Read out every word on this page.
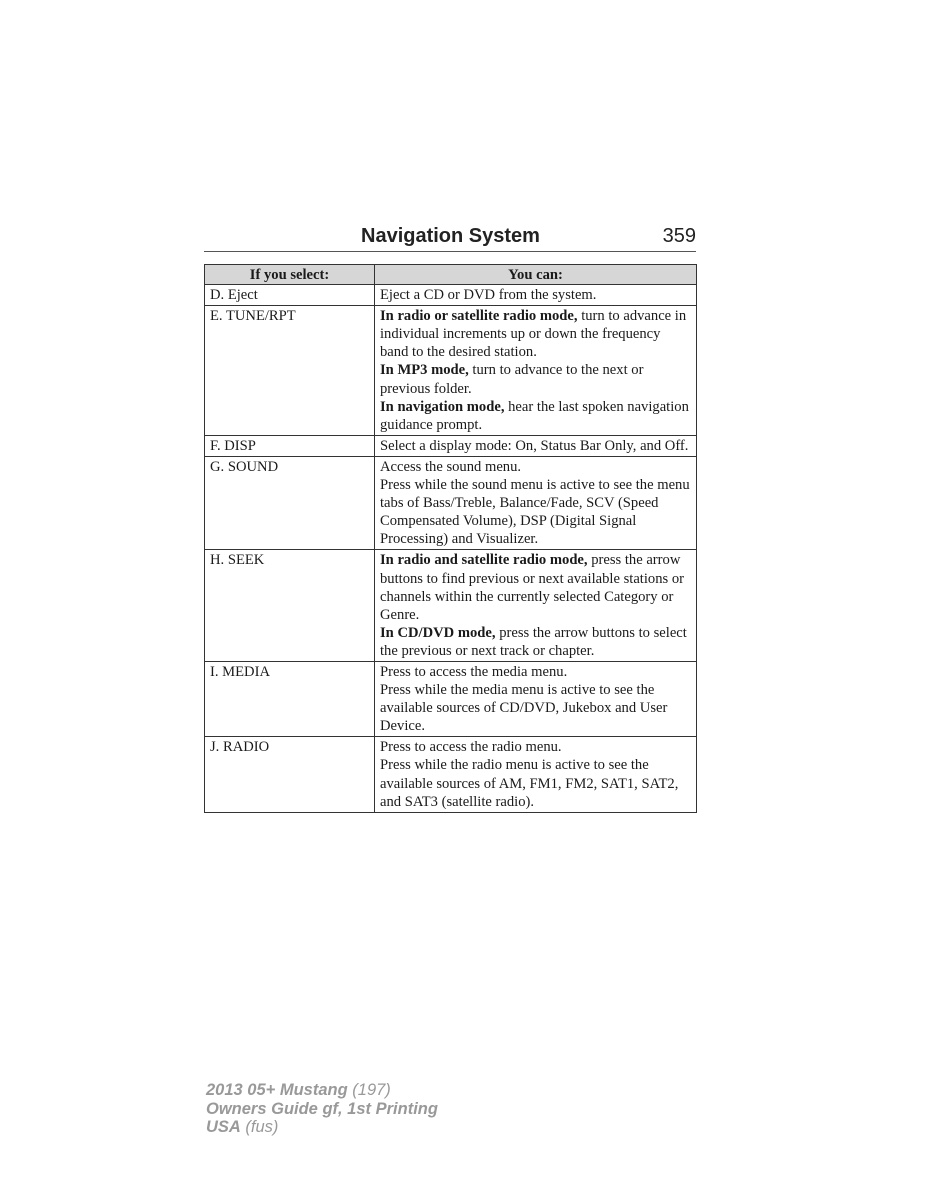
Navigation System	359
If you select:	You can:
D. Eject	Eject a CD or DVD from the system.

E. TUNE/RPT	In radio or satellite radio mode, turn to advance in individual increments up or down the frequency band to the desired station.
In MP3 mode, turn to advance to the next or previous folder.
In navigation mode, hear the last spoken navigation guidance prompt.

F. DISP	Select a display mode: On, Status Bar Only, and Off.

G. SOUND	Access the sound menu.
Press while the sound menu is active to see the menu tabs of Bass/Treble, Balance/Fade, SCV (Speed Compensated Volume), DSP (Digital Signal Processing) and Visualizer.

H. SEEK	In radio and satellite radio mode, press the arrow buttons to find previous or next available stations or channels within the currently selected Category or Genre.
In CD/DVD mode, press the arrow buttons to select the previous or next track or chapter.

I. MEDIA	Press to access the media menu.
Press while the media menu is active to see the available sources of CD/DVD, Jukebox and User Device.

J. RADIO	Press to access the radio menu.
Press while the radio menu is active to see the available sources of AM, FM1, FM2, SAT1, SAT2, and SAT3 (satellite radio).
2013 05+ Mustang (197)
Owners Guide gf, 1st Printing
USA (fus)
